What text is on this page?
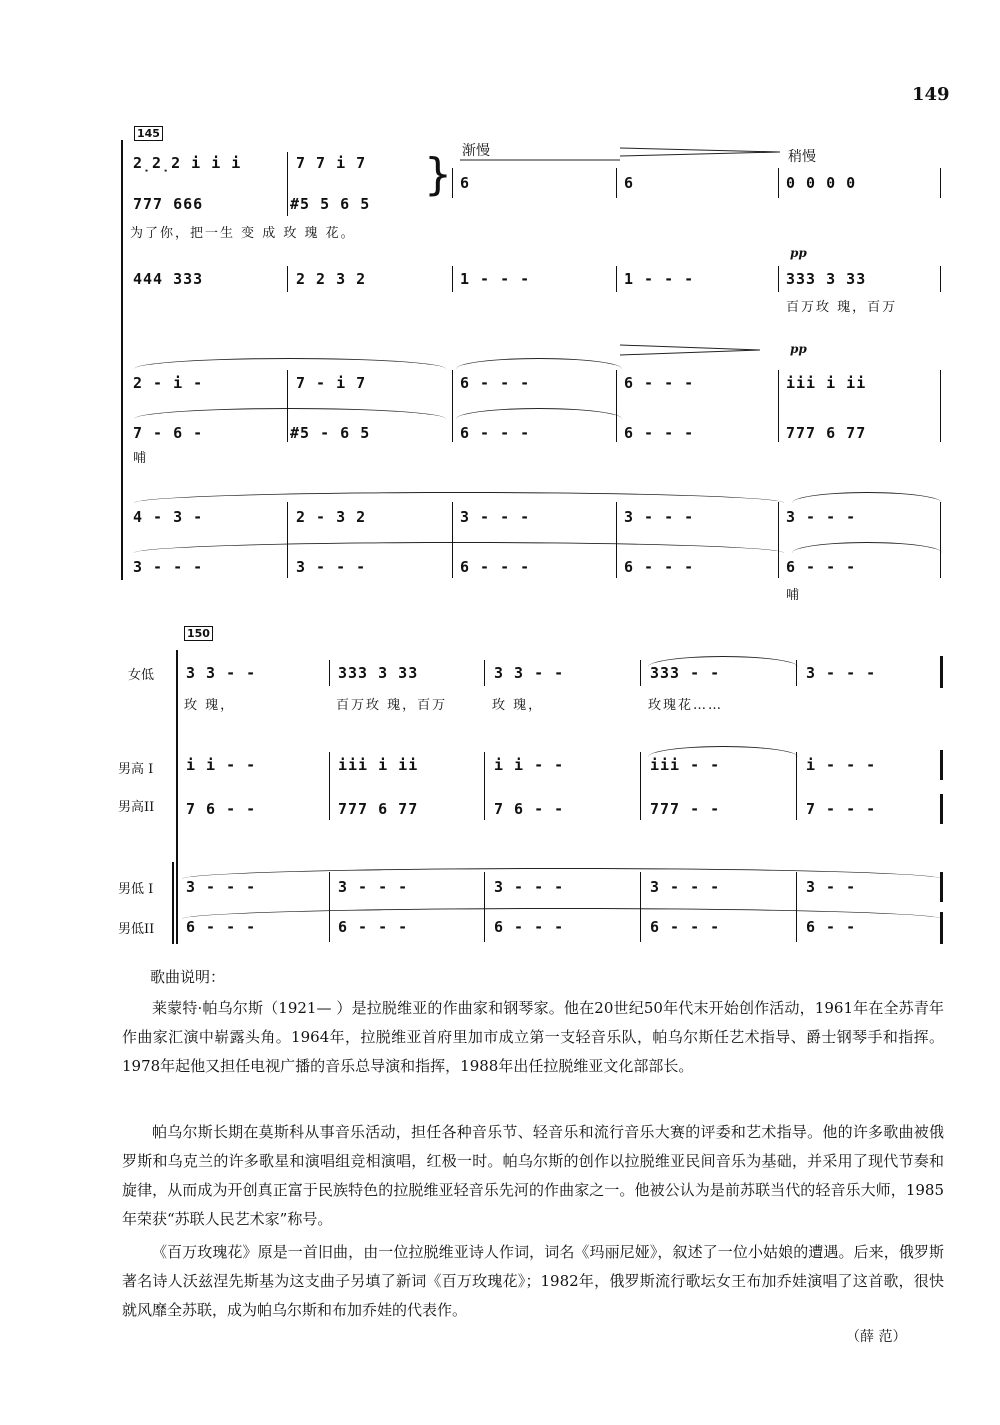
149
145
渐慢	稍慢
2̣2̣2 i i i	7 7 i 7
6	6	0 0 0 0
777 666	#5 5 6 5
为了你，把一生 变 成 玫 瑰 花。
}
pp
444 333	2 2 3 2	1 - - -	1 - - -	333 3 33
百万玫 瑰，百万
pp
2 - i -	7 - i 7	6 - - -	6 - - -	iii i ii
7 - 6 -	#5 - 6 5	6 - - -	6 - - -	777 6 77
哺
4 - 3 -	2 - 3 2	3 - - -	3 - - -	3 - - -
3 - - -	3 - - -	6 - - -	6 - - -	6 - - -
哺
150
女低
男高 I
男高II
男低 I
男低II
3 3 - -	333 3 33	3 3 - -	333 - -	3 - - -
玫 瑰，	百万玫 瑰，百万	玫 瑰，	玫瑰花……
i i - -	iii i ii	i i - -	iii - -	i - - -
7 6 - -	777 6 77	7 6 - -	777 - -	7 - - -
3 - - -	3 - - -	3 - - -	3 - - -	3 - -
6 - - -	6 - - -	6 - - -	6 - - -	6 - -
歌曲说明：
莱蒙特·帕乌尔斯（1921— ）是拉脱维亚的作曲家和钢琴家。他在20世纪50年代末开始创作活动，1961年在全苏青年作曲家汇演中崭露头角。1964年，拉脱维亚首府里加市成立第一支轻音乐队，帕乌尔斯任艺术指导、爵士钢琴手和指挥。1978年起他又担任电视广播的音乐总导演和指挥，1988年出任拉脱维亚文化部部长。
帕乌尔斯长期在莫斯科从事音乐活动，担任各种音乐节、轻音乐和流行音乐大赛的评委和艺术指导。他的许多歌曲被俄罗斯和乌克兰的许多歌星和演唱组竞相演唱，红极一时。帕乌尔斯的创作以拉脱维亚民间音乐为基础，并采用了现代节奏和旋律，从而成为开创真正富于民族特色的拉脱维亚轻音乐先河的作曲家之一。他被公认为是前苏联当代的轻音乐大师，1985年荣获“苏联人民艺术家”称号。
《百万玫瑰花》原是一首旧曲，由一位拉脱维亚诗人作词，词名《玛丽尼娅》，叙述了一位小姑娘的遭遇。后来，俄罗斯著名诗人沃兹涅先斯基为这支曲子另填了新词《百万玫瑰花》；1982年，俄罗斯流行歌坛女王布加乔娃演唱了这首歌，很快就风靡全苏联，成为帕乌尔斯和布加乔娃的代表作。
（薛 范）
